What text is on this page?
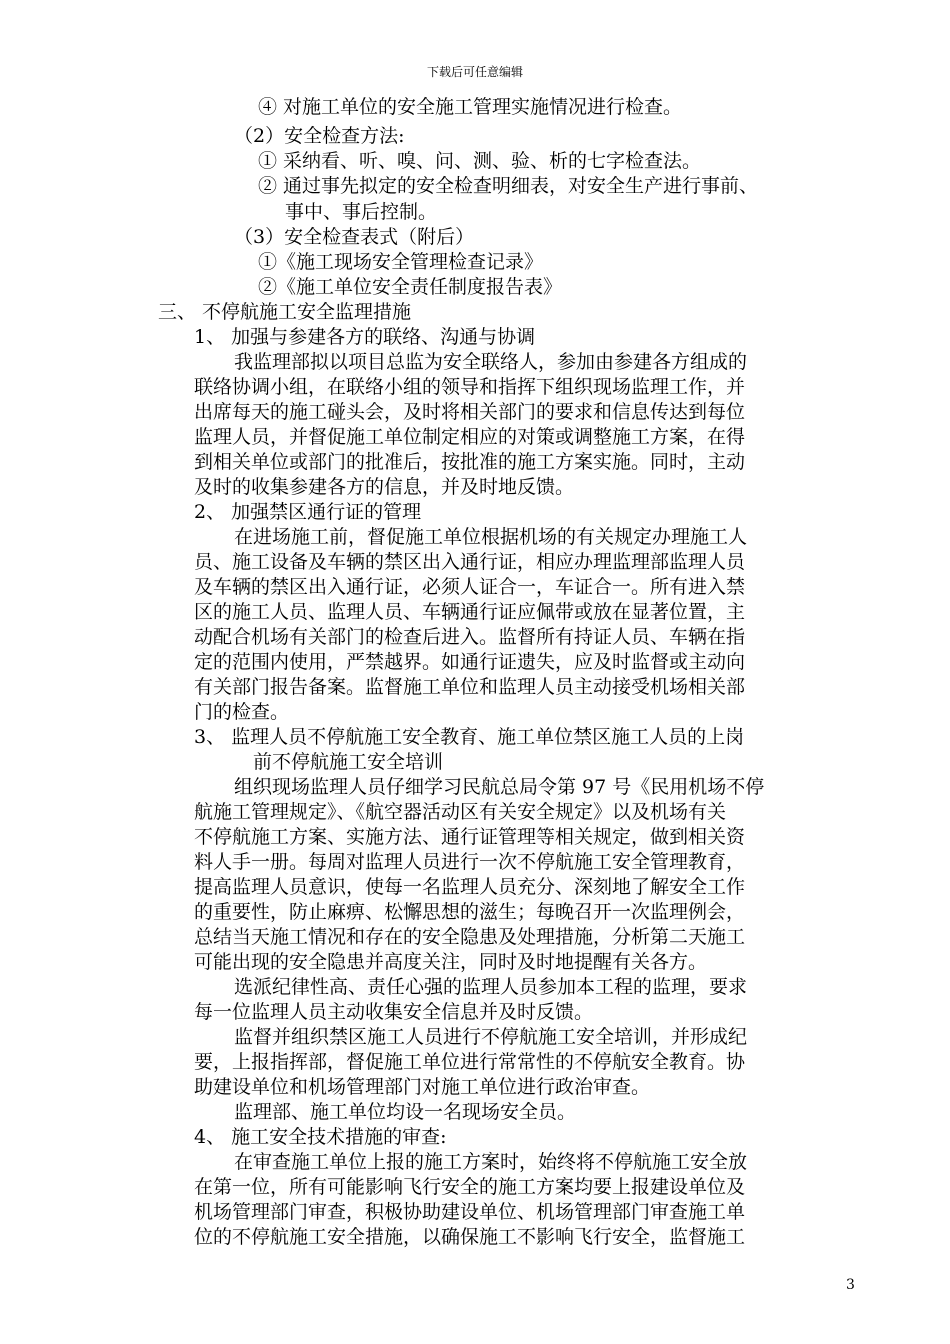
下载后可任意编辑
④ 对施工单位的安全施工管理实施情况进行检查。
（2）安全检查方法:
① 采纳看、听、嗅、问、测、验、析的七字检查法。
② 通过事先拟定的安全检查明细表，对安全生产进行事前、
事中、事后控制。
（3）安全检查表式（附后）
①《施工现场安全管理检查记录》
②《施工单位安全责任制度报告表》
三、 不停航施工安全监理措施
1、 加强与参建各方的联络、沟通与协调
我监理部拟以项目总监为安全联络人，参加由参建各方组成的
联络协调小组，在联络小组的领导和指挥下组织现场监理工作，并
出席每天的施工碰头会，及时将相关部门的要求和信息传达到每位
监理人员，并督促施工单位制定相应的对策或调整施工方案，在得
到相关单位或部门的批准后，按批准的施工方案实施。同时，主动
及时的收集参建各方的信息，并及时地反馈。
2、 加强禁区通行证的管理
在进场施工前，督促施工单位根据机场的有关规定办理施工人
员、施工设备及车辆的禁区出入通行证，相应办理监理部监理人员
及车辆的禁区出入通行证，必须人证合一，车证合一。所有进入禁
区的施工人员、监理人员、车辆通行证应佩带或放在显著位置，主
动配合机场有关部门的检查后进入。监督所有持证人员、车辆在指
定的范围内使用，严禁越界。如通行证遗失，应及时监督或主动向
有关部门报告备案。监督施工单位和监理人员主动接受机场相关部
门的检查。
3、 监理人员不停航施工安全教育、施工单位禁区施工人员的上岗
前不停航施工安全培训
组织现场监理人员仔细学习民航总局令第 97 号《民用机场不停
航施工管理规定》、《航空器活动区有关安全规定》以及机场有关
不停航施工方案、实施方法、通行证管理等相关规定，做到相关资
料人手一册。每周对监理人员进行一次不停航施工安全管理教育，
提高监理人员意识，使每一名监理人员充分、深刻地了解安全工作
的重要性，防止麻痹、松懈思想的滋生；每晚召开一次监理例会，
总结当天施工情况和存在的安全隐患及处理措施，分析第二天施工
可能出现的安全隐患并高度关注，同时及时地提醒有关各方。
选派纪律性高、责任心强的监理人员参加本工程的监理，要求
每一位监理人员主动收集安全信息并及时反馈。
监督并组织禁区施工人员进行不停航施工安全培训，并形成纪
要，上报指挥部，督促施工单位进行常常性的不停航安全教育。协
助建设单位和机场管理部门对施工单位进行政治审查。
监理部、施工单位均设一名现场安全员。
4、 施工安全技术措施的审查:
在审查施工单位上报的施工方案时，始终将不停航施工安全放
在第一位，所有可能影响飞行安全的施工方案均要上报建设单位及
机场管理部门审查，积极协助建设单位、机场管理部门审查施工单
位的不停航施工安全措施，以确保施工不影响飞行安全，监督施工
3
